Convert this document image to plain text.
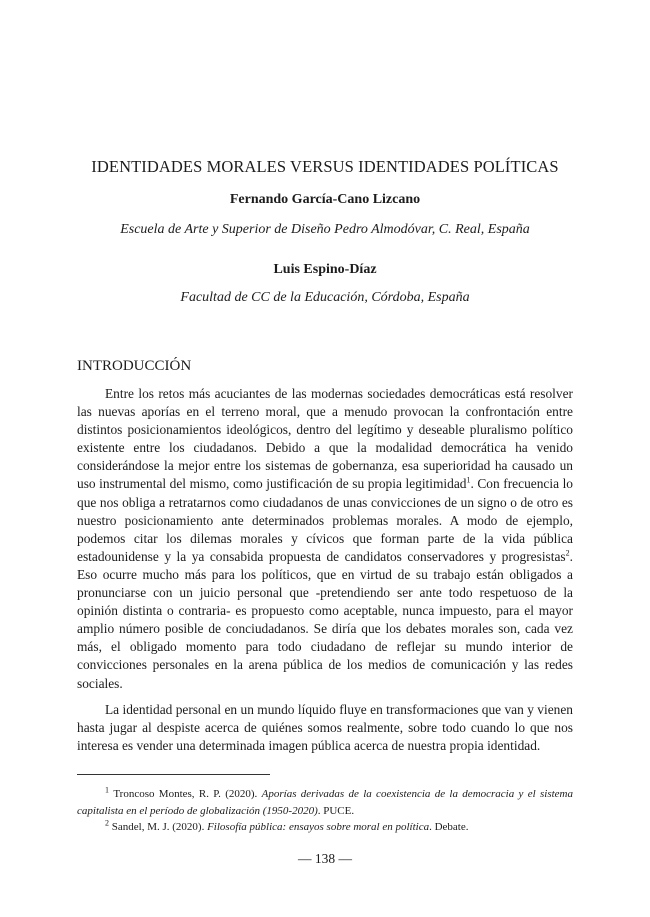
IDENTIDADES MORALES VERSUS IDENTIDADES POLÍTICAS
Fernando García-Cano Lizcano
Escuela de Arte y Superior de Diseño Pedro Almodóvar, C. Real, España
Luis Espino-Díaz
Facultad de CC de la Educación, Córdoba, España
INTRODUCCIÓN

Entre los retos más acuciantes de las modernas sociedades democráticas está resolver las nuevas aporías en el terreno moral, que a menudo provocan la confrontación entre distintos posicionamientos ideológicos, dentro del legítimo y deseable pluralismo político existente entre los ciudadanos. Debido a que la modalidad democrática ha venido considerándose la mejor entre los sistemas de gobernanza, esa superioridad ha causado un uso instrumental del mismo, como justificación de su propia legitimidad$^1$. Con frecuencia lo que nos obliga a retratarnos como ciudadanos de unas convicciones de un signo o de otro es nuestro posicionamiento ante determinados problemas morales. A modo de ejemplo, podemos citar los dilemas morales y cívicos que forman parte de la vida pública estadounidense y la ya consabida propuesta de candidatos conservadores y progresistas$^2$. Eso ocurre mucho más para los políticos, que en virtud de su trabajo están obligados a pronunciarse con un juicio personal que -pretendiendo ser ante todo respetuoso de la opinión distinta o contraria- es propuesto como aceptable, nunca impuesto, para el mayor amplio número posible de conciudadanos. Se diría que los debates morales son, cada vez más, el obligado momento para todo ciudadano de reflejar su mundo interior de convicciones personales en la arena pública de los medios de comunicación y las redes sociales.

La identidad personal en un mundo líquido fluye en transformaciones que van y vienen hasta jugar al despiste acerca de quiénes somos realmente, sobre todo cuando lo que nos interesa es vender una determinada imagen pública acerca de nuestra propia identidad.

$^1$ Troncoso Montes, R. P. (2020). Aporías derivadas de la coexistencia de la democracia y el sistema capitalista en el período de globalización (1950-2020). PUCE.

$^2$ Sandel, M. J. (2020). Filosofía pública: ensayos sobre moral en política. Debate.

— 138 —
